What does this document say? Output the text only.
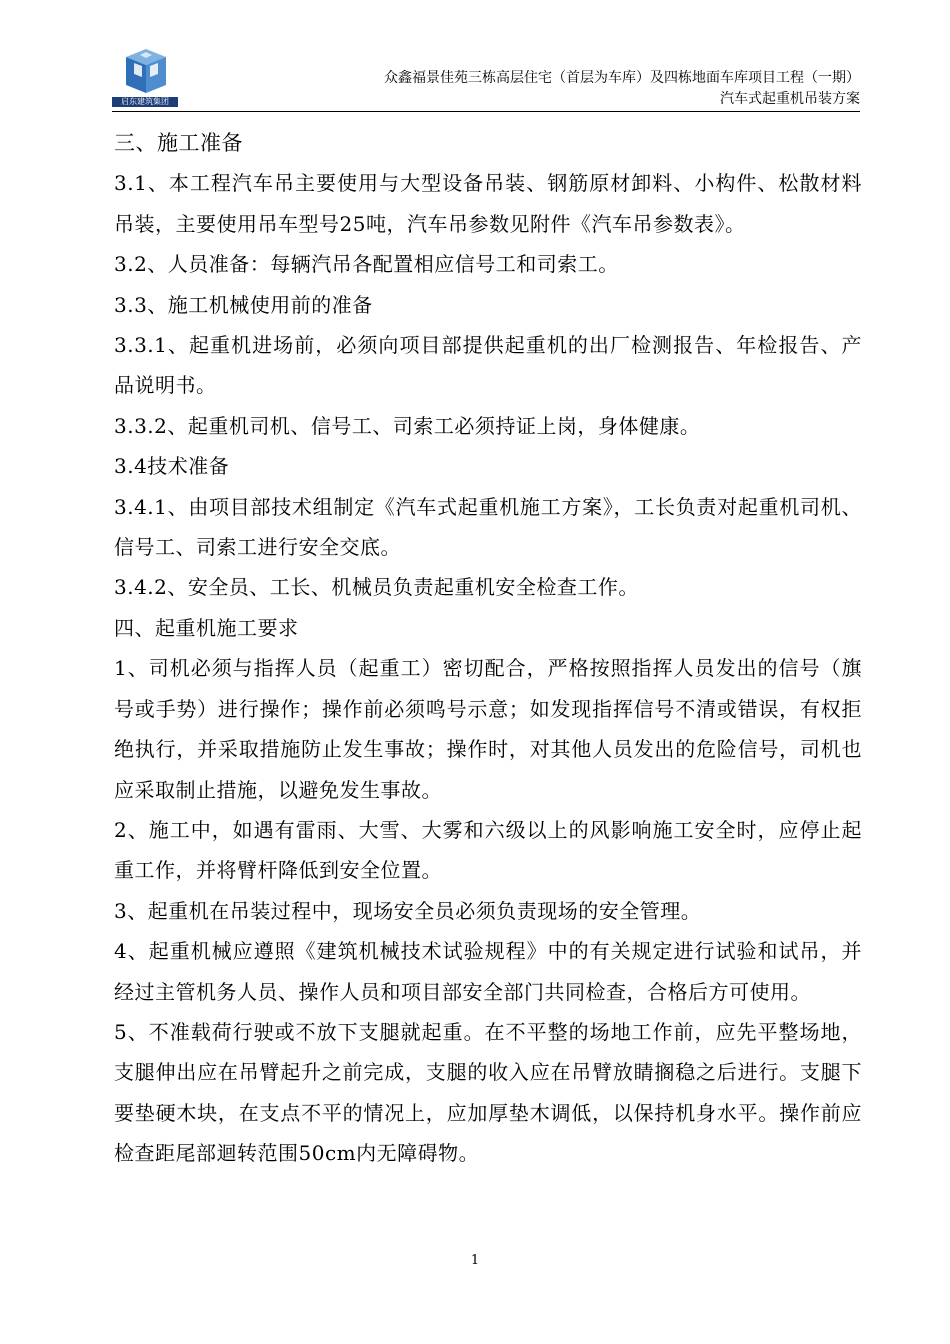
启东建筑集团
众鑫福景佳苑三栋高层住宅（首层为车库）及四栋地面车库项目工程（一期）
汽车式起重机吊装方案

三、施工准备

3.1、本工程汽车吊主要使用与大型设备吊装、钢筋原材卸料、小构件、松散材料吊装，主要使用吊车型号25吨，汽车吊参数见附件《汽车吊参数表》。

3.2、人员准备：每辆汽吊各配置相应信号工和司索工。

3.3、施工机械使用前的准备

3.3.1、起重机进场前，必须向项目部提供起重机的出厂检测报告、年检报告、产品说明书。

3.3.2、起重机司机、信号工、司索工必须持证上岗，身体健康。

3.4技术准备

3.4.1、由项目部技术组制定《汽车式起重机施工方案》，工长负责对起重机司机、信号工、司索工进行安全交底。

3.4.2、安全员、工长、机械员负责起重机安全检查工作。

四、起重机施工要求

1、司机必须与指挥人员（起重工）密切配合，严格按照指挥人员发出的信号（旗号或手势）进行操作；操作前必须鸣号示意；如发现指挥信号不清或错误，有权拒绝执行，并采取措施防止发生事故；操作时，对其他人员发出的危险信号，司机也应采取制止措施，以避免发生事故。

2、施工中，如遇有雷雨、大雪、大雾和六级以上的风影响施工安全时，应停止起重工作，并将臂杆降低到安全位置。

3、起重机在吊装过程中，现场安全员必须负责现场的安全管理。

4、起重机械应遵照《建筑机械技术试验规程》中的有关规定进行试验和试吊，并经过主管机务人员、操作人员和项目部安全部门共同检查，合格后方可使用。

5、不准载荷行驶或不放下支腿就起重。在不平整的场地工作前，应先平整场地，支腿伸出应在吊臂起升之前完成，支腿的收入应在吊臂放睛搁稳之后进行。支腿下要垫硬木块，在支点不平的情况上，应加厚垫木调低，以保持机身水平。操作前应检查距尾部迴转范围50cm内无障碍物。

1
